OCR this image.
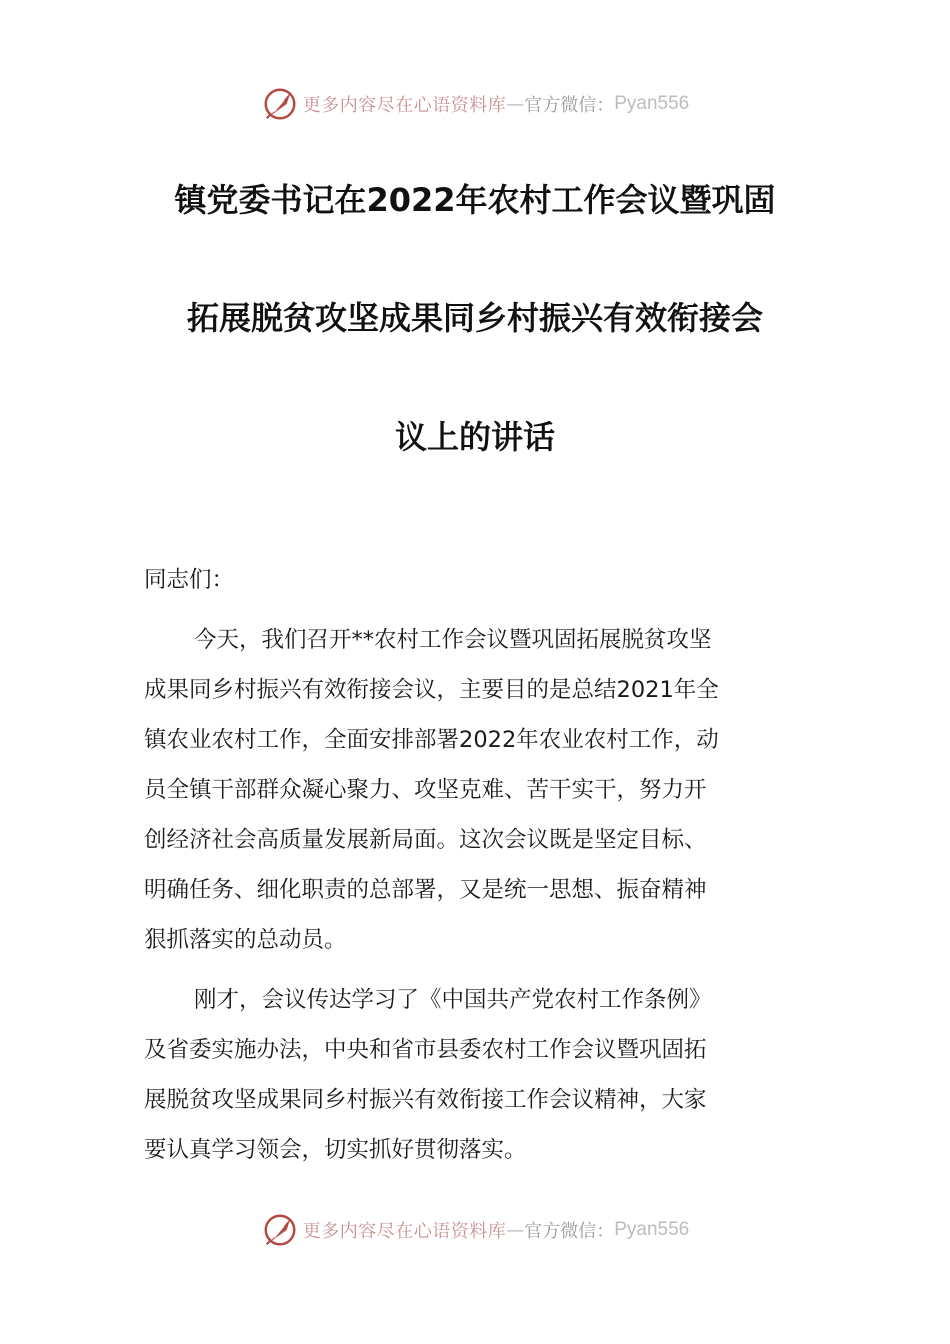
更多内容尽在心语资料库 — 官方微信： Pyan556
镇党委书记在2022年农村工作会议暨巩固
拓展脱贫攻坚成果同乡村振兴有效衔接会
议上的讲话
同志们：
今天，我们召开**农村工作会议暨巩固拓展脱贫攻坚
成果同乡村振兴有效衔接会议，主要目的是总结2021年全
镇农业农村工作，全面安排部署2022年农业农村工作，动
员全镇干部群众凝心聚力、攻坚克难、苦干实干，努力开
创经济社会高质量发展新局面。这次会议既是坚定目标、
明确任务、细化职责的总部署，又是统一思想、振奋精神
狠抓落实的总动员。
刚才，会议传达学习了《中国共产党农村工作条例》
及省委实施办法，中央和省市县委农村工作会议暨巩固拓
展脱贫攻坚成果同乡村振兴有效衔接工作会议精神，大家
要认真学习领会，切实抓好贯彻落实。
更多内容尽在心语资料库 — 官方微信： Pyan556
